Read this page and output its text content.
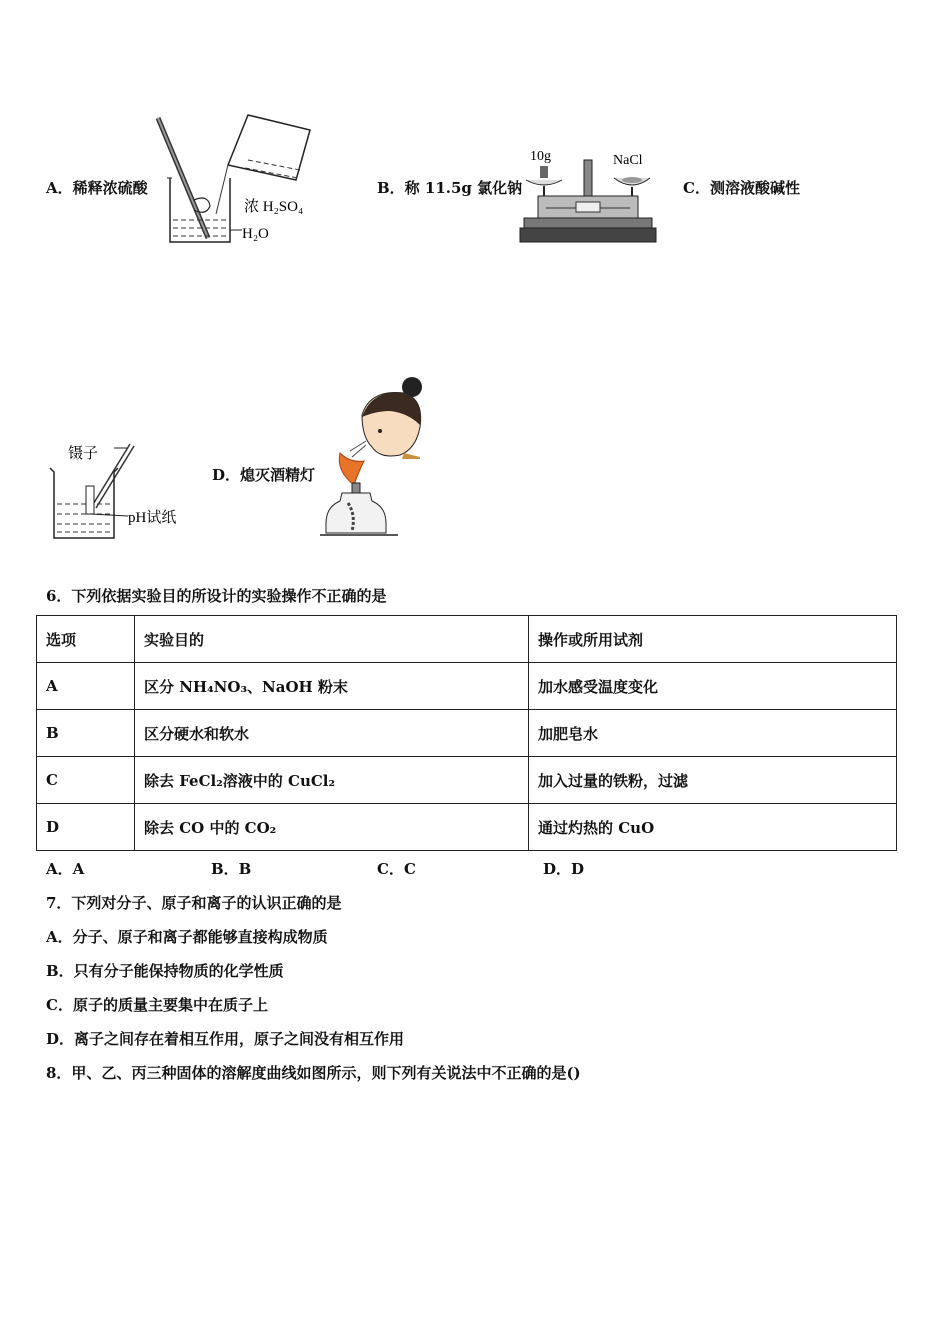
A．稀释浓硫酸
浓 H₂SO₄
H₂O
B．称 11.5g 氯化钠
10g	NaCl
C．测溶液酸碱性
镊子
pH试纸
D．熄灭酒精灯
6．下列依据实验目的所设计的实验操作不正确的是
选项	实验目的	操作或所用试剂
A	区分 NH₄NO₃、NaOH 粉末	加水感受温度变化
B	区分硬水和软水	加肥皂水
C	除去 FeCl₂溶液中的 CuCl₂	加入过量的铁粉，过滤
D	除去 CO 中的 CO₂	通过灼热的 CuO
A．A	B．B	C．C	D．D
7．下列对分子、原子和离子的认识正确的是
A．分子、原子和离子都能够直接构成物质
B．只有分子能保持物质的化学性质
C．原子的质量主要集中在质子上
D．离子之间存在着相互作用，原子之间没有相互作用
8．甲、乙、丙三种固体的溶解度曲线如图所示，则下列有关说法中不正确的是()
